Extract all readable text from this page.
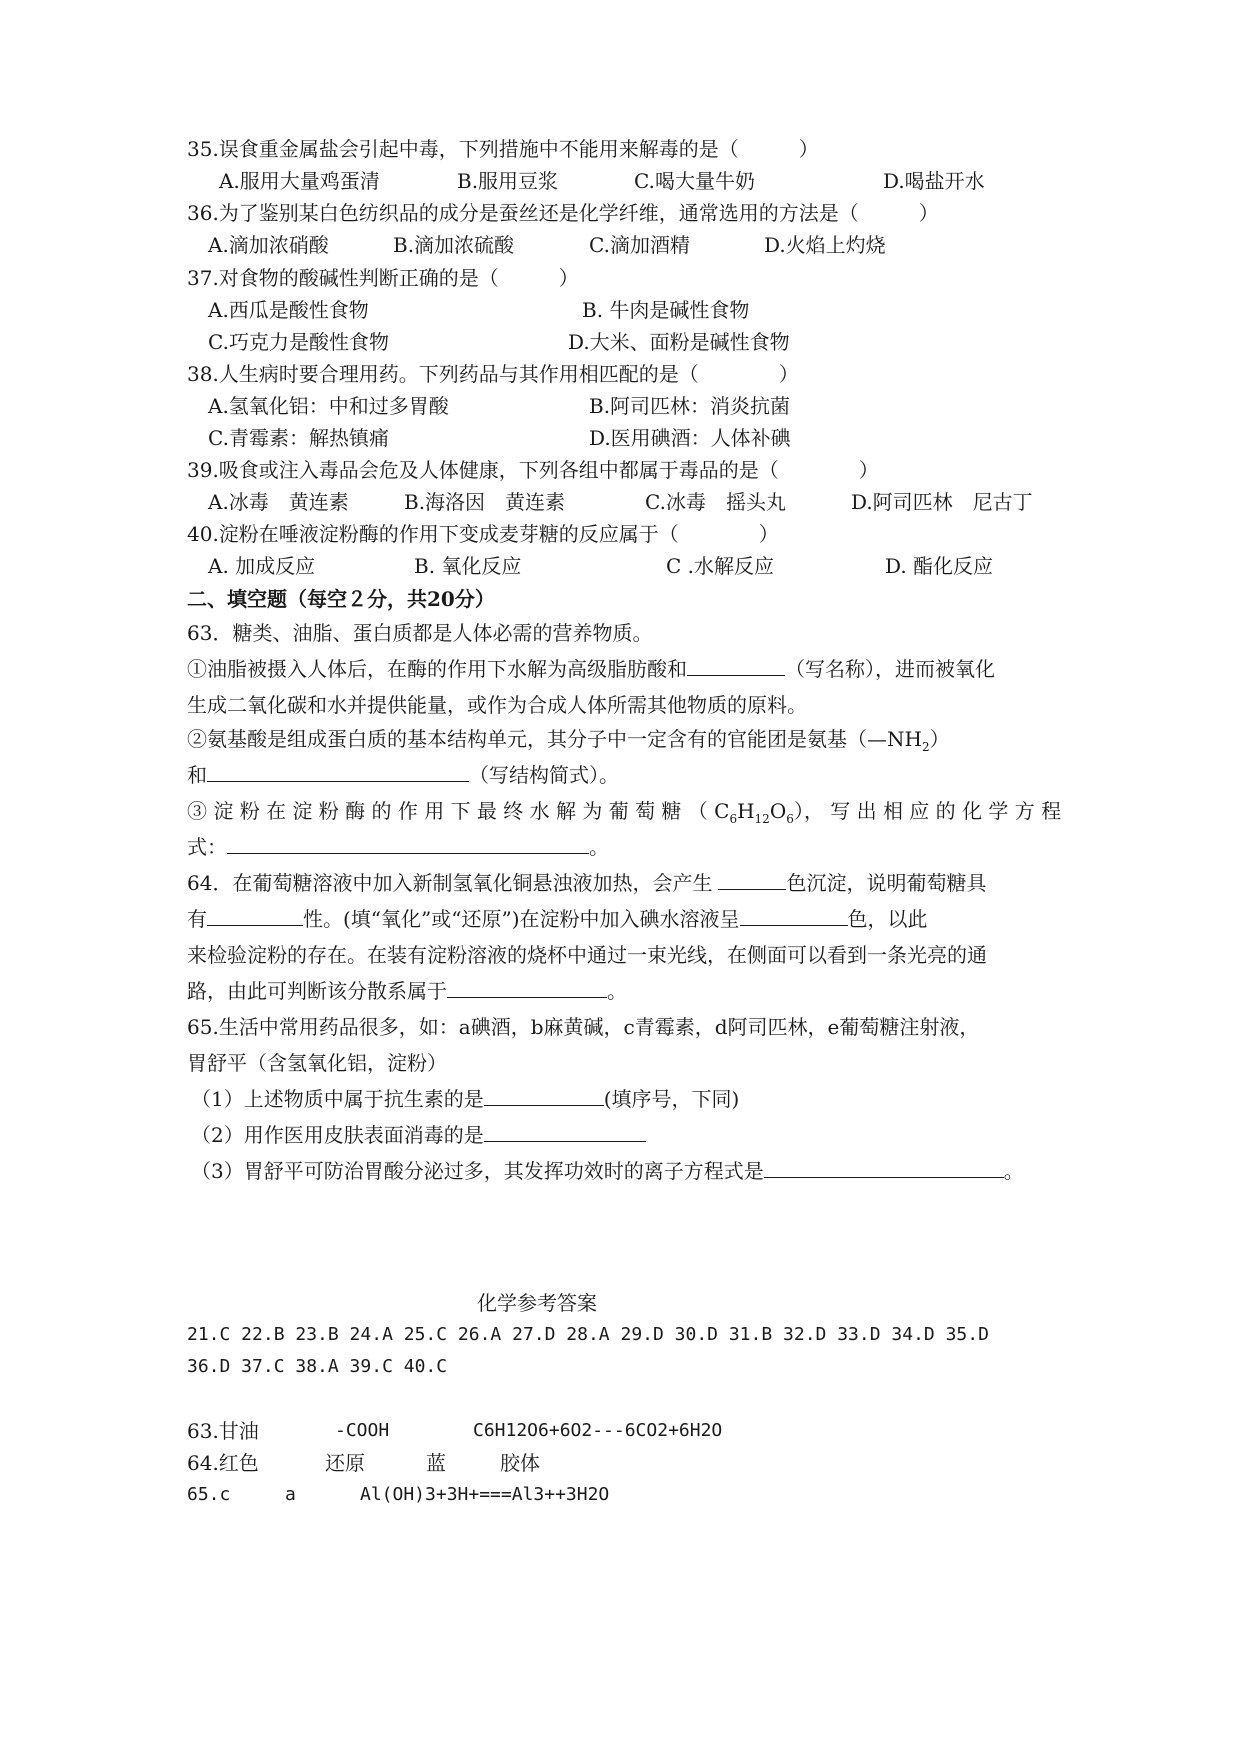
35.误食重金属盐会引起中毒，下列措施中不能用来解毒的是（　　　）
A.服用大量鸡蛋清	B.服用豆浆	C.喝大量牛奶	D.喝盐开水
36.为了鉴别某白色纺织品的成分是蚕丝还是化学纤维，通常选用的方法是（　　　）
A.滴加浓硝酸	B.滴加浓硫酸	C.滴加酒精	D.火焰上灼烧
37.对食物的酸碱性判断正确的是（　　　）
A.西瓜是酸性食物	B. 牛肉是碱性食物
C.巧克力是酸性食物	D.大米、面粉是碱性食物
38.人生病时要合理用药。下列药品与其作用相匹配的是（　　　　）
A.氢氧化铝：中和过多胃酸	B.阿司匹林：消炎抗菌
C.青霉素：解热镇痛	D.医用碘酒：人体补碘
39.吸食或注入毒品会危及人体健康，下列各组中都属于毒品的是（　　　　）
A.冰毒　黄连素	B.海洛因　黄连素	C.冰毒　摇头丸	D.阿司匹林　尼古丁
40.淀粉在唾液淀粉酶的作用下变成麦芽糖的反应属于（　　　　）
A. 加成反应	B. 氧化反应	C .水解反应	D. 酯化反应
二、填空题（每空２分，共20分）
63．糖类、油脂、蛋白质都是人体必需的营养物质。
①油脂被摄入人体后，在酶的作用下水解为高级脂肪酸和	（写名称），进而被氧化
生成二氧化碳和水并提供能量，或作为合成人体所需其他物质的原料。
②氨基酸是组成蛋白质的基本结构单元，其分子中一定含有的官能团是氨基$(—NH_2)$
和	（写结构简式）。
③ 淀 粉 在 淀 粉 酶 的 作 用 下 最 终 水 解 为 葡 萄 糖 （ $C_6H_{12}O_6$）， 写 出 相 应 的 化 学 方 程
式：	。
64．在葡萄糖溶液中加入新制氢氧化铜悬浊液加热，会产生	色沉淀，说明葡萄糖具
有	性。(填“氧化”或“还原”)在淀粉中加入碘水溶液呈	色，以此
来检验淀粉的存在。在装有淀粉溶液的烧杯中通过一束光线，在侧面可以看到一条光亮的通
路，由此可判断该分散系属于	。
65.生活中常用药品很多，如：a碘酒，b麻黄碱，c青霉素，d阿司匹林，e葡萄糖注射液，
胃舒平（含氢氧化铝，淀粉）
（1）上述物质中属于抗生素的是	(填序号，下同)
（2）用作医用皮肤表面消毒的是
（3）胃舒平可防治胃酸分泌过多，其发挥功效时的离子方程式是	。
化学参考答案
21.C 22.B 23.B 24.A 25.C 26.A 27.D 28.A 29.D 30.D 31.B 32.D 33.D 34.D 35.D
36.D 37.C 38.A 39.C 40.C
63.甘油	-COOH	C6H12O6+6O2---6CO2+6H2O
64.红色	还原	蓝	胶体
65.c	a	Al(OH)3+3H+===Al3++3H2O
